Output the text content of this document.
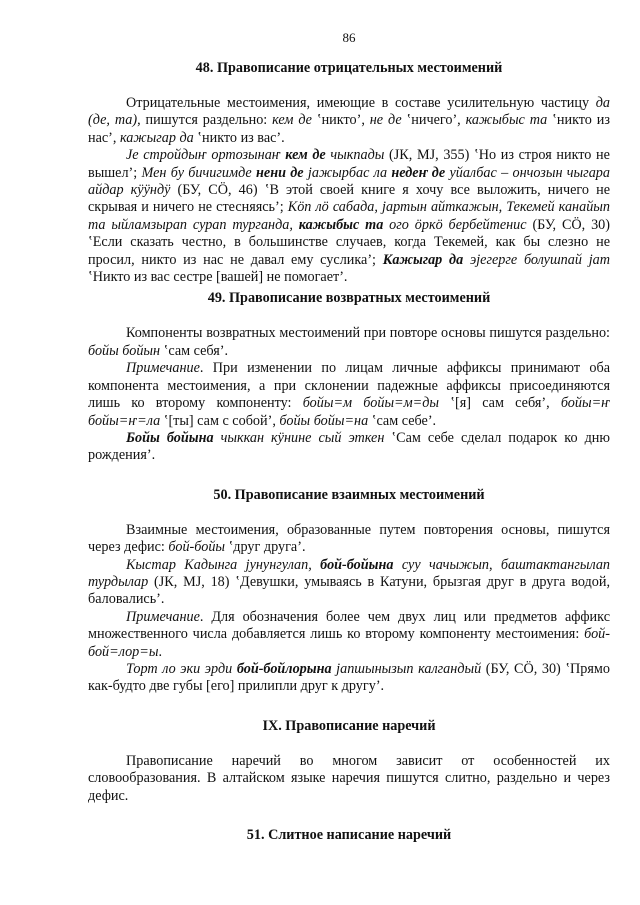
86
48. Правописание отрицательных местоимений

Отрицательные местоимения, имеющие в составе усилительную частицу да (де, та), пишутся раздельно: кем де ʽникто’, не де ʽничего’, кажыбыс та ʽникто из нас’, кажыгар да ʽникто из вас’.

Је стройдыҥ ортозынаҥ кем де чыкпады (ЈК, МЈ, 355) ʽНо из строя никто не вышел’; Мен бу бичигимде нени де јажырбас ла недеҥ де уйалбас – ончозын чыгара айдар кӱӱндӱ (БУ, СӦ, 46) ʽВ этой своей книге я хочу все выложить, ничего не скрывая и ничего не стесняясь’; Кӧп лӧ сабада, јартын айткажын, Текемей канайып та ыйламзырап сурап турганда, кажыбыс та ого ӧркӧ бербейтенис (БУ, СӦ, 30) ʽЕсли сказать честно, в большинстве случаев, когда Текемей, как бы слезно не просил, никто из нас не давал ему суслика’; Кажыгар да эјегерге болушпай јат ʽНикто из вас сестре [вашей] не помогает’.

49. Правописание возвратных местоимений

Компоненты возвратных местоимений при повторе основы пишутся раздельно: бойы бойын ʽсам себя’.

Примечание. При изменении по лицам личные аффиксы принимают оба компонента местоимения, а при склонении падежные аффиксы присоединяются лишь ко второму компоненту: бойы=м бойы=м=ды ʽ[я] сам себя’, бойы=ҥ бойы=ҥ=ла ʽ[ты] сам с собой’, бойы бойы=на ʽсам себе’.

Бойы бойына чыккан кӱнине сый эткен ʽСам себе сделал подарок ко дню рождения’.

50. Правописание взаимных местоимений

Взаимные местоимения, образованные путем повторения основы, пишутся через дефис: бой-бойы ʽдруг друга’.

Кыстар Кадынга јунунгулап, бой-бойына суу чачыжып, баштактангылап турдылар (ЈК, МЈ, 18) ʽДевушки, умываясь в Катуни, брызгая друг в друга водой, баловались’.

Примечание. Для обозначения более чем двух лиц или предметов аффикс множественного числа добавляется лишь ко второму компоненту местоимения: бой-бой=лор=ы.

Торт ло эки эрди бой-бойлорына јапшынызып калгандый (БУ, СӦ, 30) ʽПрямо как-будто две губы [его] прилипли друг к другу’.

IX. Правописание наречий

Правописание наречий во многом зависит от особенностей их словообразования. В алтайском языке наречия пишутся слитно, раздельно и через дефис.

51. Слитное написание наречий
